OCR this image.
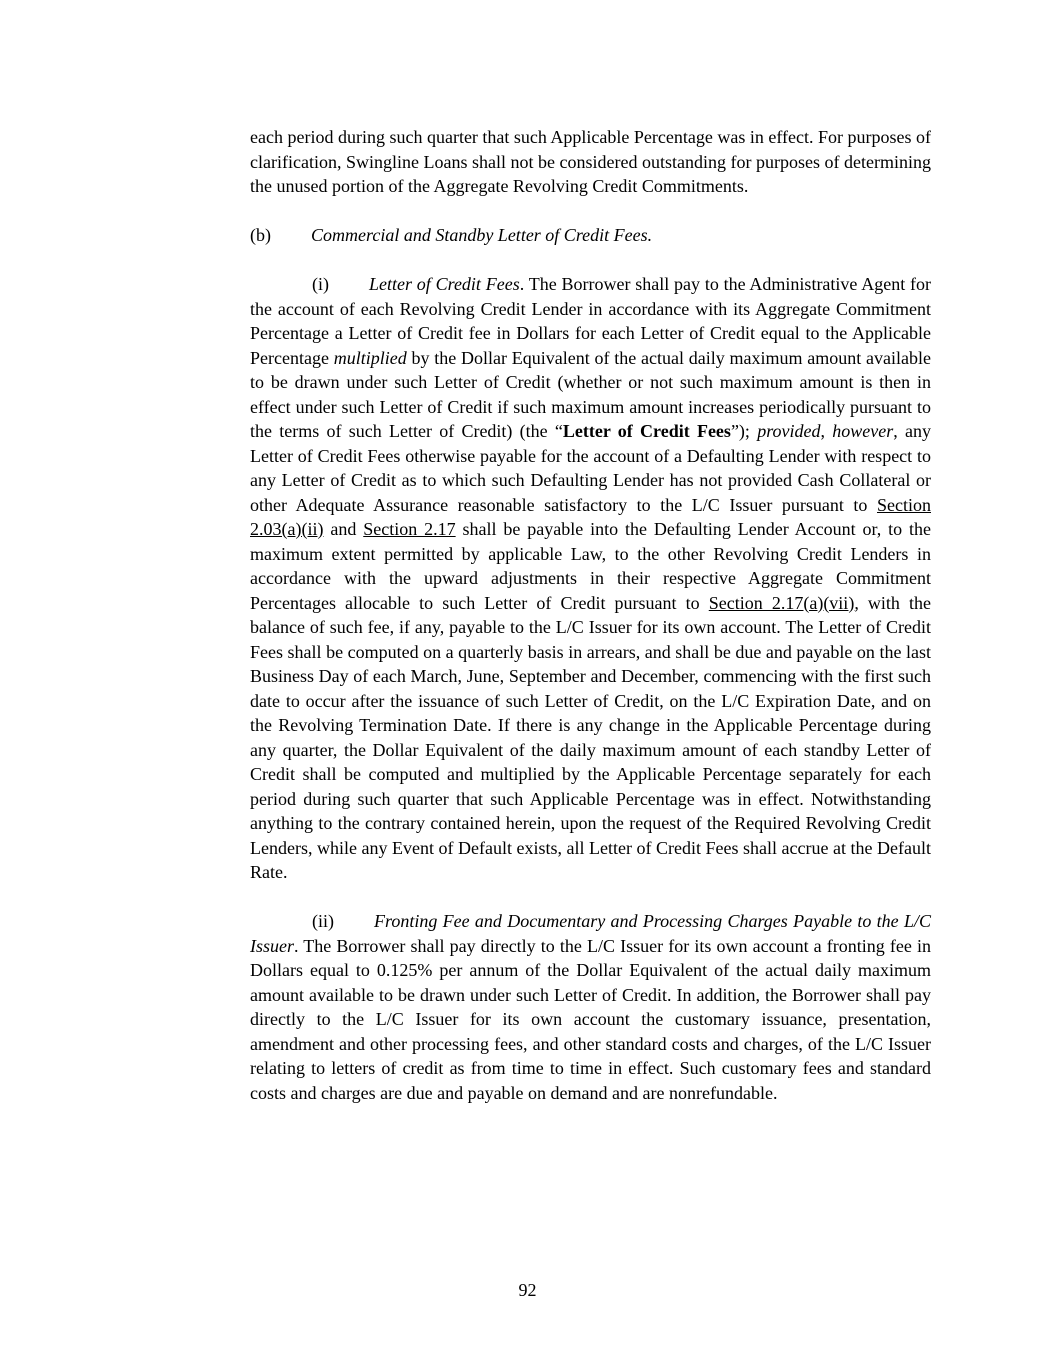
each period during such quarter that such Applicable Percentage was in effect. For purposes of clarification, Swingline Loans shall not be considered outstanding for purposes of determining the unused portion of the Aggregate Revolving Credit Commitments.

(b) Commercial and Standby Letter of Credit Fees.

(i) Letter of Credit Fees. The Borrower shall pay to the Administrative Agent for the account of each Revolving Credit Lender in accordance with its Aggregate Commitment Percentage a Letter of Credit fee in Dollars for each Letter of Credit equal to the Applicable Percentage multiplied by the Dollar Equivalent of the actual daily maximum amount available to be drawn under such Letter of Credit (whether or not such maximum amount is then in effect under such Letter of Credit if such maximum amount increases periodically pursuant to the terms of such Letter of Credit) (the “Letter of Credit Fees”); provided, however, any Letter of Credit Fees otherwise payable for the account of a Defaulting Lender with respect to any Letter of Credit as to which such Defaulting Lender has not provided Cash Collateral or other Adequate Assurance reasonable satisfactory to the L/C Issuer pursuant to Section 2.03(a)(ii) and Section 2.17 shall be payable into the Defaulting Lender Account or, to the maximum extent permitted by applicable Law, to the other Revolving Credit Lenders in accordance with the upward adjustments in their respective Aggregate Commitment Percentages allocable to such Letter of Credit pursuant to Section 2.17(a)(vii), with the balance of such fee, if any, payable to the L/C Issuer for its own account. The Letter of Credit Fees shall be computed on a quarterly basis in arrears, and shall be due and payable on the last Business Day of each March, June, September and December, commencing with the first such date to occur after the issuance of such Letter of Credit, on the L/C Expiration Date, and on the Revolving Termination Date. If there is any change in the Applicable Percentage during any quarter, the Dollar Equivalent of the daily maximum amount of each standby Letter of Credit shall be computed and multiplied by the Applicable Percentage separately for each period during such quarter that such Applicable Percentage was in effect. Notwithstanding anything to the contrary contained herein, upon the request of the Required Revolving Credit Lenders, while any Event of Default exists, all Letter of Credit Fees shall accrue at the Default Rate.

(ii) Fronting Fee and Documentary and Processing Charges Payable to the L/C Issuer. The Borrower shall pay directly to the L/C Issuer for its own account a fronting fee in Dollars equal to 0.125% per annum of the Dollar Equivalent of the actual daily maximum amount available to be drawn under such Letter of Credit. In addition, the Borrower shall pay directly to the L/C Issuer for its own account the customary issuance, presentation, amendment and other processing fees, and other standard costs and charges, of the L/C Issuer relating to letters of credit as from time to time in effect. Such customary fees and standard costs and charges are due and payable on demand and are nonrefundable.

92
